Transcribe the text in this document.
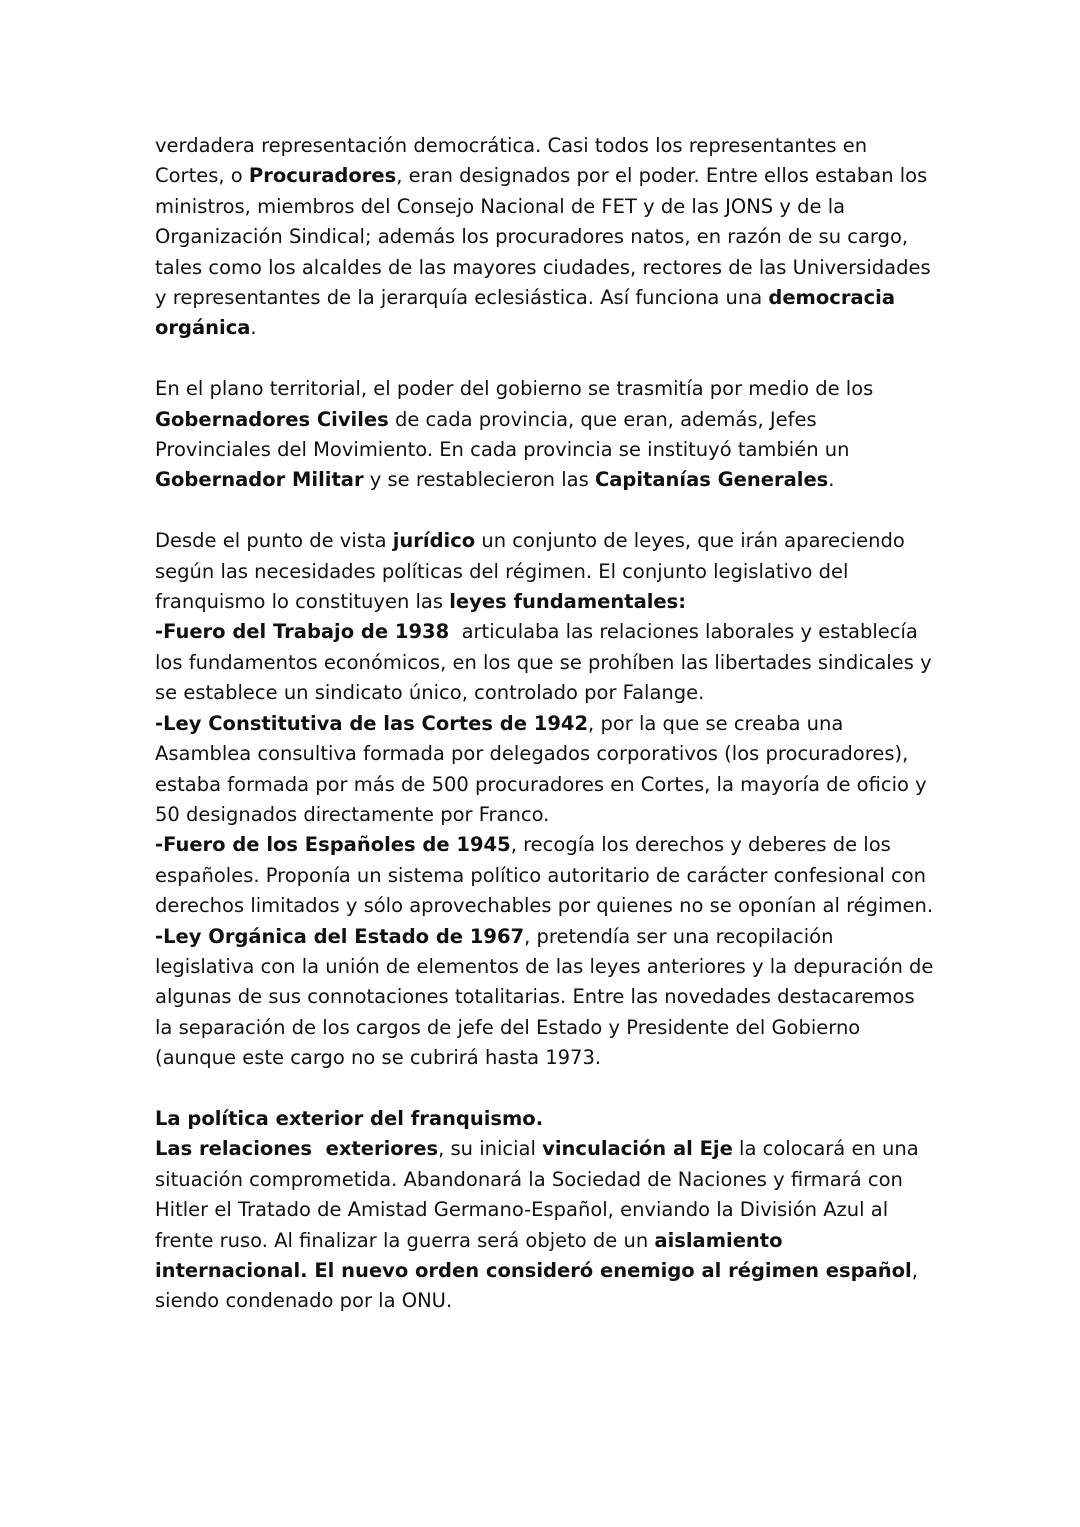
verdadera representación democrática. Casi todos los representantes en Cortes, o Procuradores, eran designados por el poder. Entre ellos estaban los ministros, miembros del Consejo Nacional de FET y de las JONS y de la Organización Sindical; además los procuradores natos, en razón de su cargo, tales como los alcaldes de las mayores ciudades, rectores de las Universidades y representantes de la jerarquía eclesiástica. Así funciona una democracia orgánica.

En el plano territorial, el poder del gobierno se trasmitía por medio de los Gobernadores Civiles de cada provincia, que eran, además, Jefes Provinciales del Movimiento. En cada provincia se instituyó también un Gobernador Militar y se restablecieron las Capitanías Generales.

Desde el punto de vista jurídico un conjunto de leyes, que irán apareciendo según las necesidades políticas del régimen. El conjunto legislativo del franquismo lo constituyen las leyes fundamentales:

-Fuero del Trabajo de 1938  articulaba las relaciones laborales y establecía los fundamentos económicos, en los que se prohíben las libertades sindicales y se establece un sindicato único, controlado por Falange.

-Ley Constitutiva de las Cortes de 1942, por la que se creaba una Asamblea consultiva formada por delegados corporativos (los procuradores), estaba formada por más de 500 procuradores en Cortes, la mayoría de oficio y 50 designados directamente por Franco.

-Fuero de los Españoles de 1945, recogía los derechos y deberes de los españoles. Proponía un sistema político autoritario de carácter confesional con derechos limitados y sólo aprovechables por quienes no se oponían al régimen.

-Ley Orgánica del Estado de 1967, pretendía ser una recopilación legislativa con la unión de elementos de las leyes anteriores y la depuración de algunas de sus connotaciones totalitarias. Entre las novedades destacaremos la separación de los cargos de jefe del Estado y Presidente del Gobierno (aunque este cargo no se cubrirá hasta 1973.

La política exterior del franquismo.

Las relaciones  exteriores, su inicial vinculación al Eje la colocará en una situación comprometida. Abandonará la Sociedad de Naciones y firmará con Hitler el Tratado de Amistad Germano-Español, enviando la División Azul al frente ruso. Al finalizar la guerra será objeto de un aislamiento internacional. El nuevo orden consideró enemigo al régimen español, siendo condenado por la ONU.
